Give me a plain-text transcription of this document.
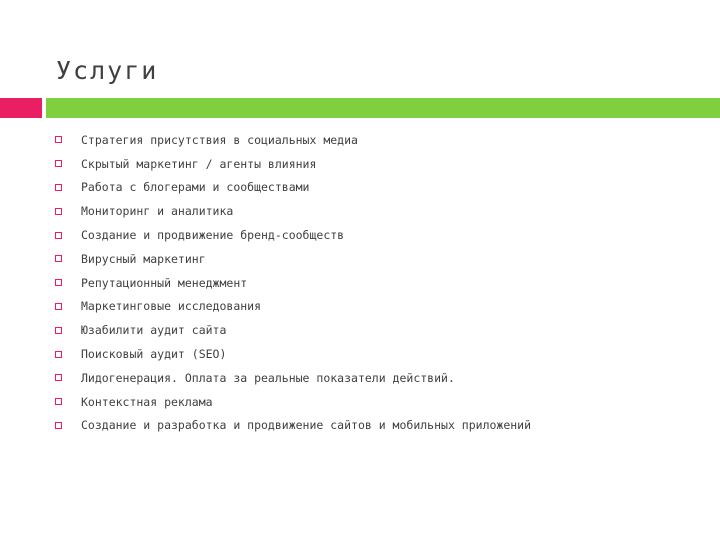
Услуги
Стратегия присутствия в социальных медиа
Скрытый маркетинг / агенты влияния
Работа с блогерами и сообществами
Мониторинг и аналитика
Создание и продвижение бренд-сообществ
Вирусный маркетинг
Репутационный менеджмент
Маркетинговые исследования
Юзабилити аудит сайта
Поисковый аудит (SEO)
Лидогенерация. Оплата за реальные показатели действий.
Контекстная реклама
Создание и разработка и продвижение сайтов и мобильных приложений
